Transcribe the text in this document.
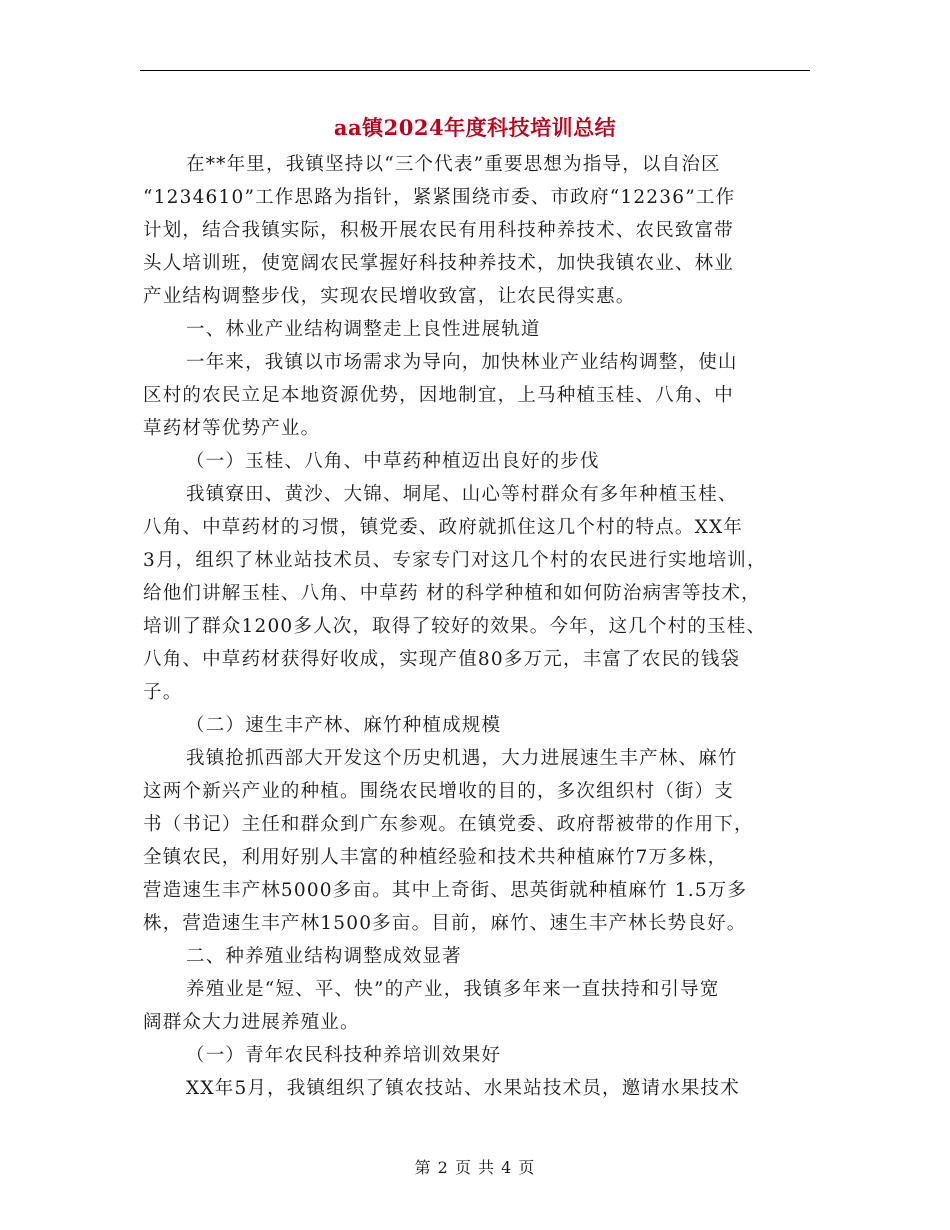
aa镇2024年度科技培训总结
在**年里，我镇坚持以“三个代表”重要思想为指导，以自治区
“1234610”工作思路为指针，紧紧围绕市委、市政府“12236”工作
计划，结合我镇实际，积极开展农民有用科技种养技术、农民致富带
头人培训班，使宽阔农民掌握好科技种养技术，加快我镇农业、林业
产业结构调整步伐，实现农民增收致富，让农民得实惠。
一、林业产业结构调整走上良性进展轨道
一年来，我镇以市场需求为导向，加快林业产业结构调整，使山
区村的农民立足本地资源优势，因地制宜，上马种植玉桂、八角、中
草药材等优势产业。
（一）玉桂、八角、中草药种植迈出良好的步伐
我镇寮田、黄沙、大锦、垌尾、山心等村群众有多年种植玉桂、
八角、中草药材的习惯，镇党委、政府就抓住这几个村的特点。XX年
3月，组织了林业站技术员、专家专门对这几个村的农民进行实地培训，
给他们讲解玉桂、八角、中草药 材的科学种植和如何防治病害等技术，
培训了群众1200多人次，取得了较好的效果。今年，这几个村的玉桂、
八角、中草药材获得好收成，实现产值80多万元，丰富了农民的钱袋
子。
（二）速生丰产林、麻竹种植成规模
我镇抢抓西部大开发这个历史机遇，大力进展速生丰产林、麻竹
这两个新兴产业的种植。围绕农民增收的目的，多次组织村（街）支
书（书记）主任和群众到广东参观。在镇党委、政府帮被带的作用下，
全镇农民，利用好别人丰富的种植经验和技术共种植麻竹7万多株，
营造速生丰产林5000多亩。其中上奇街、思英街就种植麻竹 1.5万多
株，营造速生丰产林1500多亩。目前，麻竹、速生丰产林长势良好。
二、种养殖业结构调整成效显著
养殖业是“短、平、快”的产业，我镇多年来一直扶持和引导宽
阔群众大力进展养殖业。
（一）青年农民科技种养培训效果好
XX年5月，我镇组织了镇农技站、水果站技术员，邀请水果技术
第 2 页 共 4 页
